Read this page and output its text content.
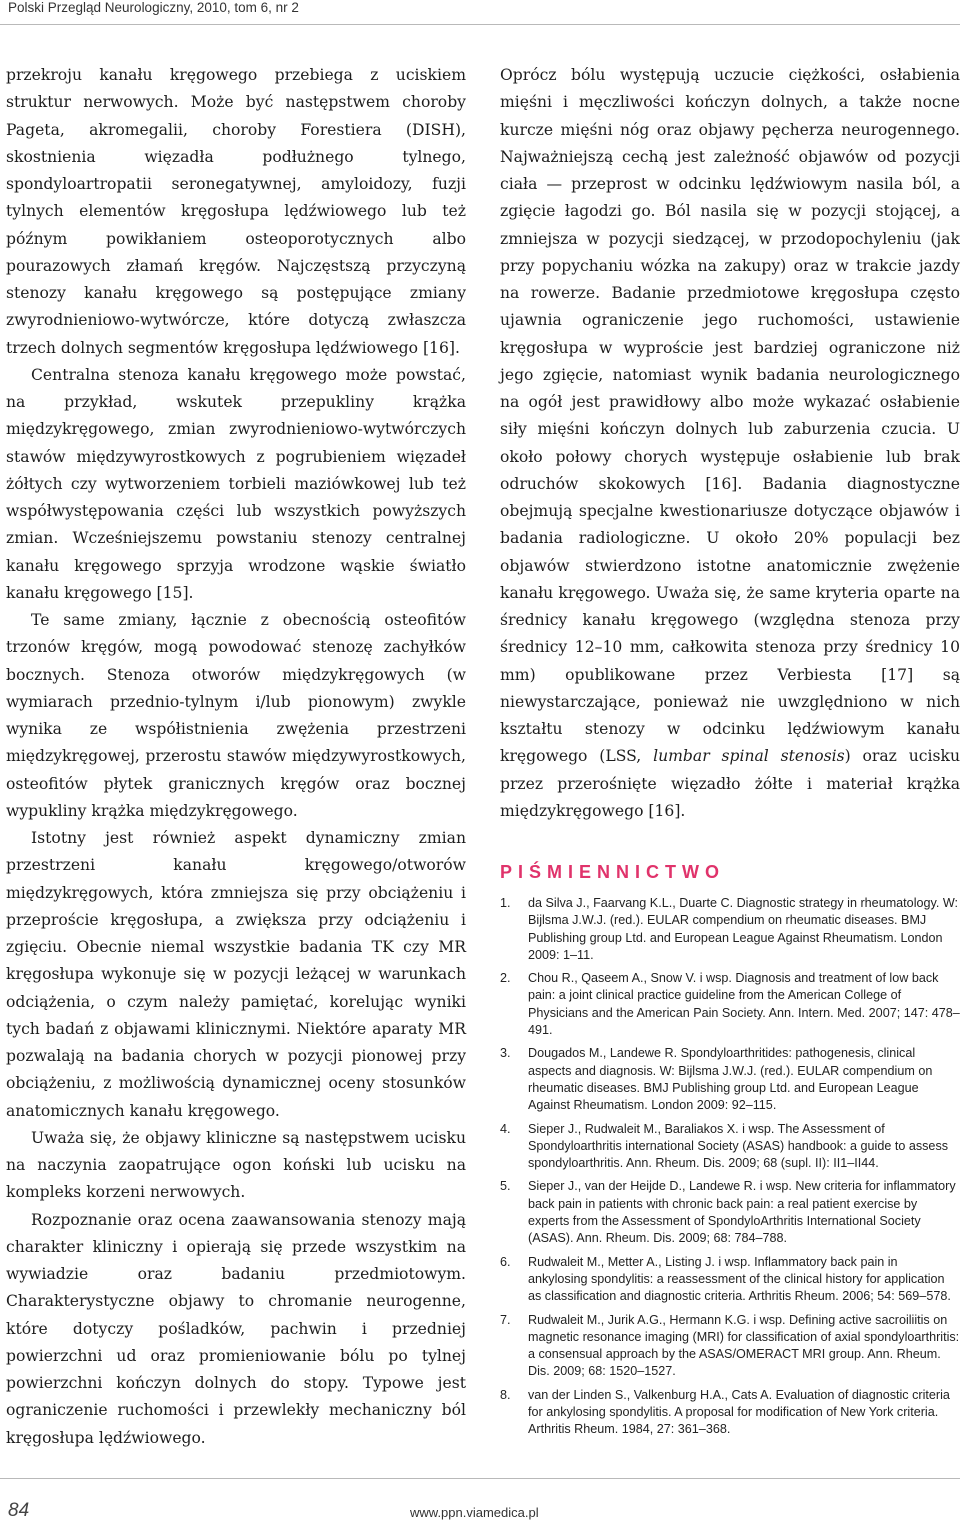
Polski Przegląd Neurologiczny, 2010, tom 6, nr 2

przekroju kanału kręgowego przebiega z uciskiem struktur nerwowych. Może być następstwem choroby Pageta, akromegalii, choroby Forestiera (DISH), skostnienia więzadła podłużnego tylnego, spondyloartropatii seronegatywnej, amyloidozy, fuzji tylnych elementów kręgosłupa lędźwiowego lub też późnym powikłaniem osteoporotycznych albo pourazowych złamań kręgów. Najczęstszą przyczyną stenozy kanału kręgowego są postępujące zmiany zwyrodnieniowo-wytwórcze, które dotyczą zwłaszcza trzech dolnych segmentów kręgosłupa lędźwiowego [16].

Centralna stenoza kanału kręgowego może powstać, na przykład, wskutek przepukliny krążka międzykręgowego, zmian zwyrodnieniowo-wytwórczych stawów międzywyrostkowych z pogrubieniem więzadeł żółtych czy wytworzeniem torbieli maziówkowej lub też współwystępowania części lub wszystkich powyższych zmian. Wcześniejszemu powstaniu stenozy centralnej kanału kręgowego sprzyja wrodzone wąskie światło kanału kręgowego [15].

Te same zmiany, łącznie z obecnością osteofitów trzonów kręgów, mogą powodować stenozę zachyłków bocznych. Stenoza otworów międzykręgowych (w wymiarach przednio-tylnym i/lub pionowym) zwykle wynika ze współistnienia zwężenia przestrzeni międzykręgowej, przerostu stawów międzywyrostkowych, osteofitów płytek granicznych kręgów oraz bocznej wypukliny krążka międzykręgowego.

Istotny jest również aspekt dynamiczny zmian przestrzeni kanału kręgowego/otworów międzykręgowych, która zmniejsza się przy obciążeniu i przeproście kręgosłupa, a zwiększa przy odciążeniu i zgięciu. Obecnie niemal wszystkie badania TK czy MR kręgosłupa wykonuje się w pozycji leżącej w warunkach odciążenia, o czym należy pamiętać, korelując wyniki tych badań z objawami klinicznymi. Niektóre aparaty MR pozwalają na badania chorych w pozycji pionowej przy obciążeniu, z możliwością dynamicznej oceny stosunków anatomicznych kanału kręgowego.

Uważa się, że objawy kliniczne są następstwem ucisku na naczynia zaopatrujące ogon koński lub ucisku na kompleks korzeni nerwowych.

Rozpoznanie oraz ocena zaawansowania stenozy mają charakter kliniczny i opierają się przede wszystkim na wywiadzie oraz badaniu przedmiotowym. Charakterystyczne objawy to chromanie neurogenne, które dotyczy pośladków, pachwin i przedniej powierzchni ud oraz promieniowanie bólu po tylnej powierzchni kończyn dolnych do stopy. Typowe jest ograniczenie ruchomości i przewlekły mechaniczny ból kręgosłupa lędźwiowego.

Oprócz bólu występują uczucie ciężkości, osłabienia mięśni i męczliwości kończyn dolnych, a także nocne kurcze mięśni nóg oraz objawy pęcherza neurogennego. Najważniejszą cechą jest zależność objawów od pozycji ciała — przeprost w odcinku lędźwiowym nasila ból, a zgięcie łagodzi go. Ból nasila się w pozycji stojącej, a zmniejsza w pozycji siedzącej, w przodopochyleniu (jak przy popychaniu wózka na zakupy) oraz w trakcie jazdy na rowerze. Badanie przedmiotowe kręgosłupa często ujawnia ograniczenie jego ruchomości, ustawienie kręgosłupa w wyproście jest bardziej ograniczone niż jego zgięcie, natomiast wynik badania neurologicznego na ogół jest prawidłowy albo może wykazać osłabienie siły mięśni kończyn dolnych lub zaburzenia czucia. U około połowy chorych występuje osłabienie lub brak odruchów skokowych [16]. Badania diagnostyczne obejmują specjalne kwestionariusze dotyczące objawów i badania radiologiczne. U około 20% populacji bez objawów stwierdzono istotne anatomicznie zwężenie kanału kręgowego. Uważa się, że same kryteria oparte na średnicy kanału kręgowego (względna stenoza przy średnicy 12–10 mm, całkowita stenoza przy średnicy 10 mm) opublikowane przez Verbiesta [17] są niewystarczające, ponieważ nie uwzględniono w nich kształtu stenozy w odcinku lędźwiowym kanału kręgowego (LSS, lumbar spinal stenosis) oraz ucisku przez przerośnięte więzadło żółte i materiał krążka międzykręgowego [16].

PIŚMIENNICTWO
1. da Silva J., Faarvang K.L., Duarte C. Diagnostic strategy in rheumatology. W: Bijlsma J.W.J. (red.). EULAR compendium on rheumatic diseases. BMJ Publishing group Ltd. and European League Against Rheumatism. London 2009: 1–11.
2. Chou R., Qaseem A., Snow V. i wsp. Diagnosis and treatment of low back pain: a joint clinical practice guideline from the American College of Physicians and the American Pain Society. Ann. Intern. Med. 2007; 147: 478–491.
3. Dougados M., Landewe R. Spondyloarthritides: pathogenesis, clinical aspects and diagnosis. W: Bijlsma J.W.J. (red.). EULAR compendium on rheumatic diseases. BMJ Publishing group Ltd. and European League Against Rheumatism. London 2009: 92–115.
4. Sieper J., Rudwaleit M., Baraliakos X. i wsp. The Assessment of Spondyloarthritis international Society (ASAS) handbook: a guide to assess spondyloarthritis. Ann. Rheum. Dis. 2009; 68 (supl. II): II1–II44.
5. Sieper J., van der Heijde D., Landewe R. i wsp. New criteria for inflammatory back pain in patients with chronic back pain: a real patient exercise by experts from the Assessment of SpondyloArthritis International Society (ASAS). Ann. Rheum. Dis. 2009; 68: 784–788.
6. Rudwaleit M., Metter A., Listing J. i wsp. Inflammatory back pain in ankylosing spondylitis: a reassessment of the clinical history for application as classification and diagnostic criteria. Arthritis Rheum. 2006; 54: 569–578.
7. Rudwaleit M., Jurik A.G., Hermann K.G. i wsp. Defining active sacroiliitis on magnetic resonance imaging (MRI) for classification of axial spondyloarthritis: a consensual approach by the ASAS/OMERACT MRI group. Ann. Rheum. Dis. 2009; 68: 1520–1527.
8. van der Linden S., Valkenburg H.A., Cats A. Evaluation of diagnostic criteria for ankylosing spondylitis. A proposal for modification of New York criteria. Arthritis Rheum. 1984, 27: 361–368.
84	www.ppn.viamedica.pl
